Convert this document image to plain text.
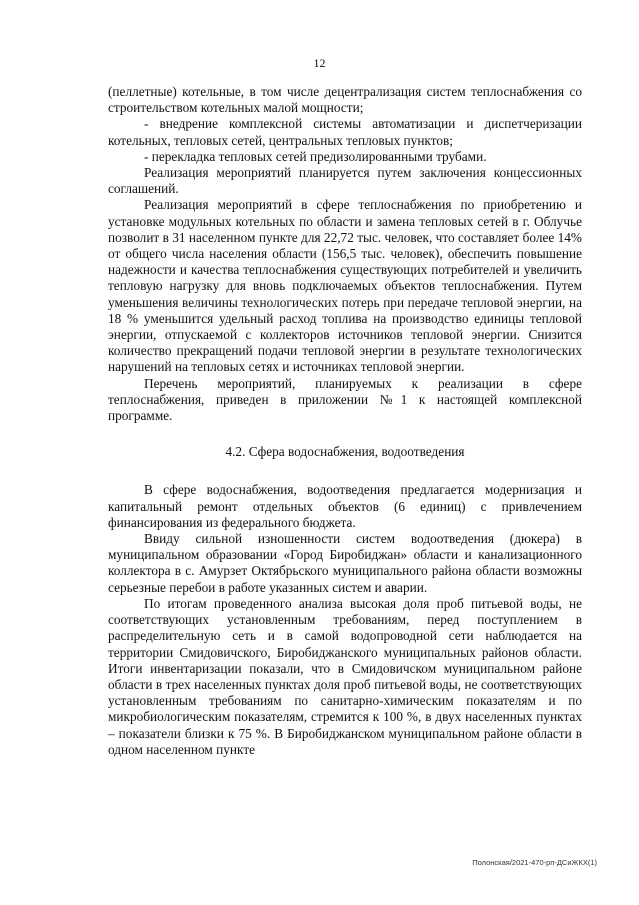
12

(пеллетные) котельные, в том числе децентрализация систем теплоснабжения со строительством котельных малой мощности;

- внедрение комплексной системы автоматизации и диспетчеризации котельных, тепловых сетей, центральных тепловых пунктов;

- перекладка тепловых сетей предизолированными трубами.

Реализация мероприятий планируется путем заключения концессионных соглашений.

Реализация мероприятий в сфере теплоснабжения по приобретению и установке модульных котельных по области и замена тепловых сетей в г. Облучье позволит в 31 населенном пункте для 22,72 тыс. человек, что составляет более 14% от общего числа населения области (156,5 тыс. человек), обеспечить повышение надежности и качества теплоснабжения существующих потребителей и увеличить тепловую нагрузку для вновь подключаемых объектов теплоснабжения. Путем уменьшения величины технологических потерь при передаче тепловой энергии, на 18 % уменьшится удельный расход топлива на производство единицы тепловой энергии, отпускаемой с коллекторов источников тепловой энергии. Снизится количество прекращений подачи тепловой энергии в результате технологических нарушений на тепловых сетях и источниках тепловой энергии.

Перечень мероприятий, планируемых к реализации в сфере теплоснабжения, приведен в приложении №1 к настоящей комплексной программе.

4.2. Сфера водоснабжения, водоотведения

В сфере водоснабжения, водоотведения предлагается модернизация и капитальный ремонт отдельных объектов (6 единиц) с привлечением финансирования из федерального бюджета.

Ввиду сильной изношенности систем водоотведения (дюкера) в муниципальном образовании «Город Биробиджан» области и канализационного коллектора в с. Амурзет Октябрьского муниципального района области возможны серьезные перебои в работе указанных систем и аварии.

По итогам проведенного анализа высокая доля проб питьевой воды, не соответствующих установленным требованиям, перед поступлением в распределительную сеть и в самой водопроводной сети наблюдается на территории Смидовичского, Биробиджанского муниципальных районов области. Итоги инвентаризации показали, что в Смидовичском муниципальном районе области в трех населенных пунктах доля проб питьевой воды, не соответствующих установленным требованиям по санитарно-химическим показателям и по микробиологическим показателям, стремится к 100 %, в двух населенных пунктах – показатели близки к 75 %. В Биробиджанском муниципальном районе области в одном населенном пункте

Полонская/2021-470-рп-ДСиЖКХ(1)
